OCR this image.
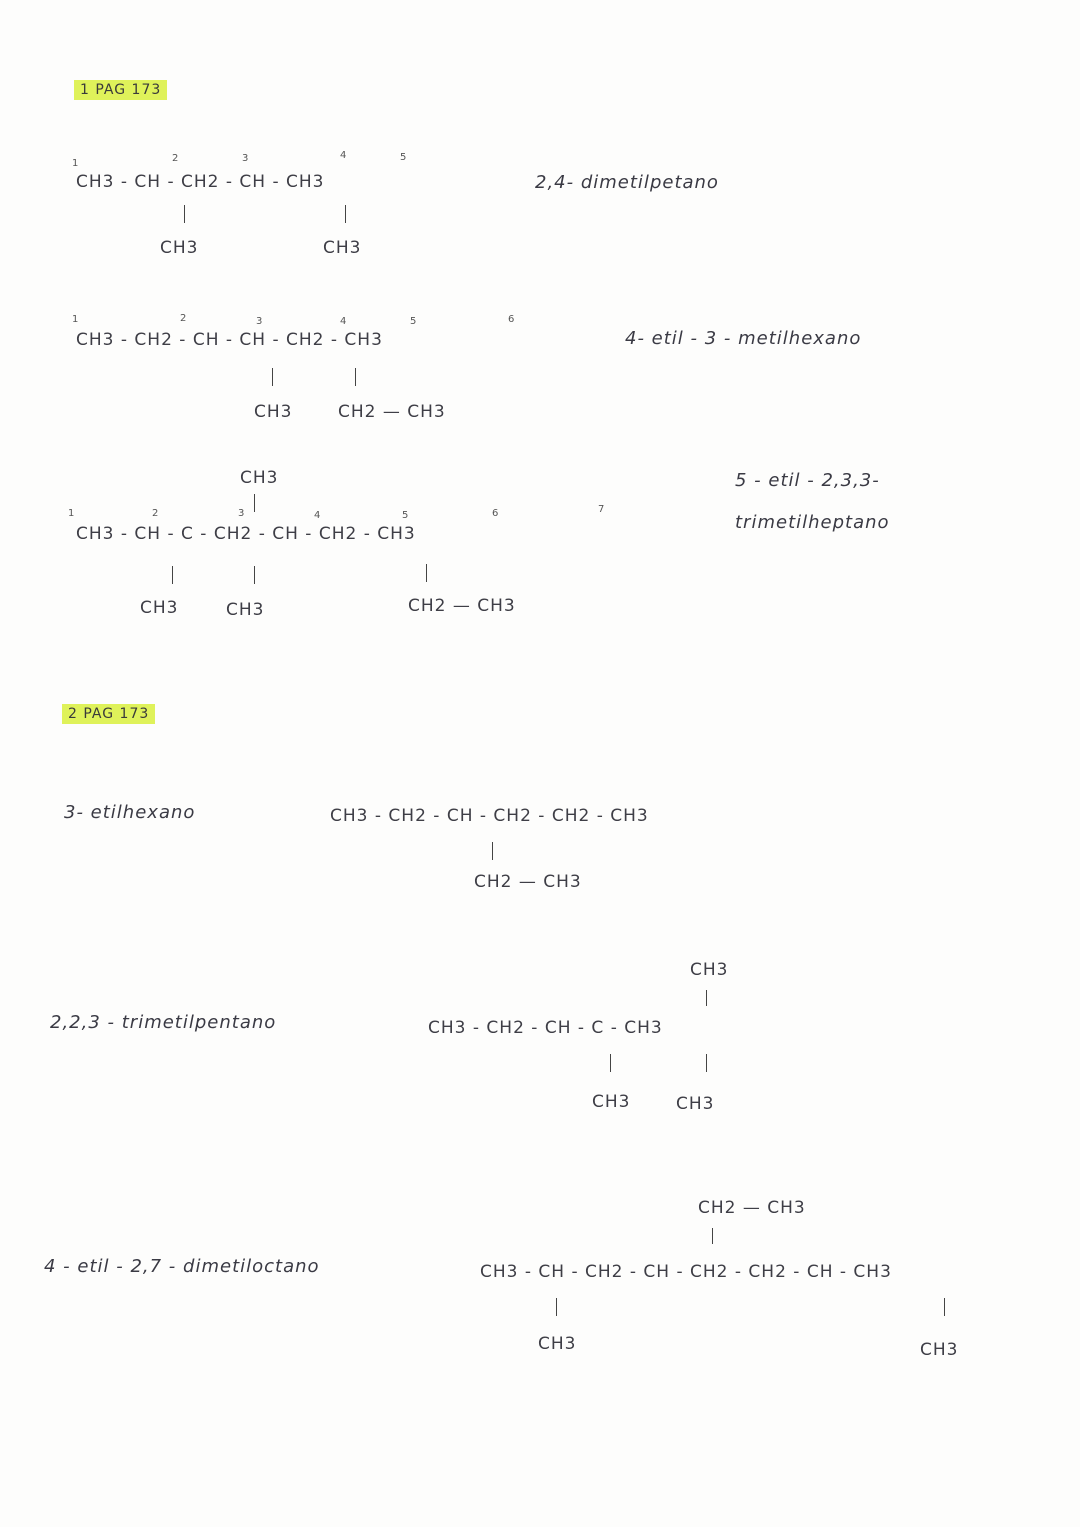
1 PAG 173
1	2	3	4	5
CH3 - CH - CH2 - CH - CH3
CH3	CH3
2,4- dimetilpetano
1	2	3	4	5	6
CH3 - CH2 - CH - CH - CH2 - CH3
CH3	CH2 — CH3
4- etil - 3 - metilhexano
CH3
1	2	3	4	5	6	7
CH3 - CH - C - CH2 - CH - CH2 - CH3
CH3	CH3	CH2 — CH3
5 - etil - 2,3,3-
trimetilheptano
2 PAG 173
3- etilhexano	CH3 - CH2 - CH - CH2 - CH2 - CH3
CH2 — CH3
CH3
2,2,3 - trimetilpentano	CH3 - CH2 - CH - C - CH3
CH3	CH3
CH2 — CH3
4 - etil - 2,7 - dimetiloctano	CH3 - CH - CH2 - CH - CH2 - CH2 - CH - CH3
CH3	CH3
